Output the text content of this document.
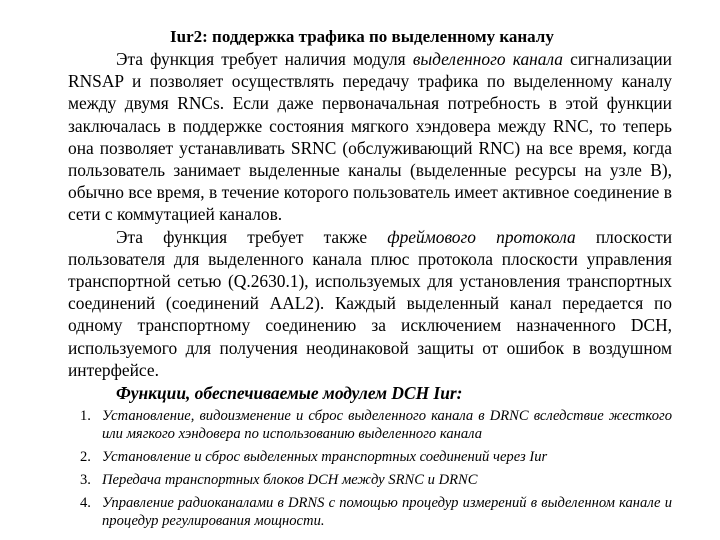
Iur2: поддержка трафика по выделенному каналу

Эта функция требует наличия модуля выделенного канала сигнализации RNSAP и позволяет осуществлять передачу трафика по выделенному каналу между двумя RNCs. Если даже первоначальная потребность в этой функции заключалась в поддержке состояния мягкого хэндовера между RNC, то теперь она позволяет устанавливать SRNC (обслуживающий RNC) на все время, когда пользователь занимает выделенные каналы (выделенные ресурсы на узле В), обычно все время, в течение которого пользователь имеет активное соединение в сети с коммутацией каналов.

Эта функция требует также фреймового протокола плоскости пользователя для выделенного канала плюс протокола плоскости управления транспортной сетью (Q.2630.1), используемых для установления транспортных соединений (соединений AAL2). Каждый выделенный канал передается по одному транспортному соединению за исключением назначенного DCH, используемого для получения неодинаковой защиты от ошибок в воздушном интерфейсе.

Функции, обеспечиваемые модулем DCH Iur:

1. Установление, видоизменение и сброс выделенного канала в DRNC вследствие жесткого или мягкого хэндовера по использованию выделенного канала
2. Установление и сброс выделенных транспортных соединений через Iur
3. Передача транспортных блоков DCH между SRNC и DRNC
4. Управление радиоканалами в DRNS с помощью процедур измерений в выделенном канале и процедур регулирования мощности.
